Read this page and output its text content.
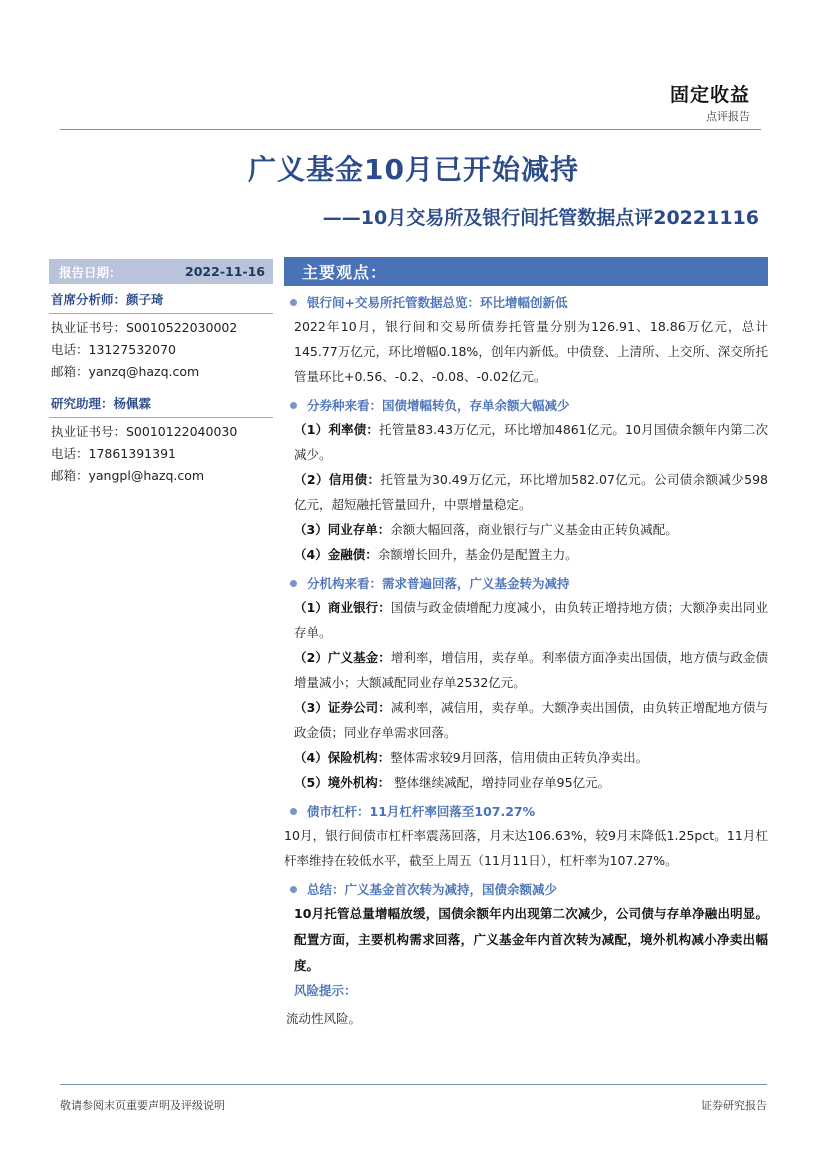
固定收益
点评报告
广义基金10月已开始减持
——10月交易所及银行间托管数据点评20221116
报告日期：	2022-11-16
首席分析师：颜子琦
执业证书号：S0010522030002
电话：13127532070
邮箱：yanzq@hazq.com
研究助理：杨佩霖
执业证书号：S0010122040030
电话：17861391391
邮箱：yangpl@hazq.com
主要观点：
银行间+交易所托管数据总览：环比增幅创新低
2022年10月，银行间和交易所债券托管量分别为126.91、18.86万亿元，总计145.77万亿元，环比增幅0.18%，创年内新低。中债登、上清所、上交所、深交所托管量环比+0.56、-0.2、-0.08、-0.02亿元。
分券种来看：国债增幅转负，存单余额大幅减少
（1）利率债：托管量83.43万亿元，环比增加4861亿元。10月国债余额年内第二次减少。
（2）信用债：托管量为30.49万亿元，环比增加582.07亿元。公司债余额减少598亿元，超短融托管量回升，中票增量稳定。
（3）同业存单：余额大幅回落，商业银行与广义基金由正转负减配。
（4）金融债：余额增长回升，基金仍是配置主力。
分机构来看：需求普遍回落，广义基金转为减持
（1）商业银行：国债与政金债增配力度减小，由负转正增持地方债；大额净卖出同业存单。
（2）广义基金：增利率，增信用，卖存单。利率债方面净卖出国债，地方债与政金债增量减小；大额减配同业存单2532亿元。
（3）证券公司：减利率，减信用，卖存单。大额净卖出国债，由负转正增配地方债与政金债；同业存单需求回落。
（4）保险机构：整体需求较9月回落，信用债由正转负净卖出。
（5）境外机构： 整体继续减配，增持同业存单95亿元。
债市杠杆：11月杠杆率回落至107.27%
10月，银行间债市杠杆率震荡回落，月末达106.63%，较9月末降低1.25pct。11月杠杆率维持在较低水平，截至上周五（11月11日），杠杆率为107.27%。
总结：广义基金首次转为减持，国债余额减少
10月托管总量增幅放缓，国债余额年内出现第二次减少，公司债与存单净融出明显。配置方面，主要机构需求回落，广义基金年内首次转为减配，境外机构减小净卖出幅度。
风险提示：
流动性风险。
敬请参阅末页重要声明及评级说明	证券研究报告
